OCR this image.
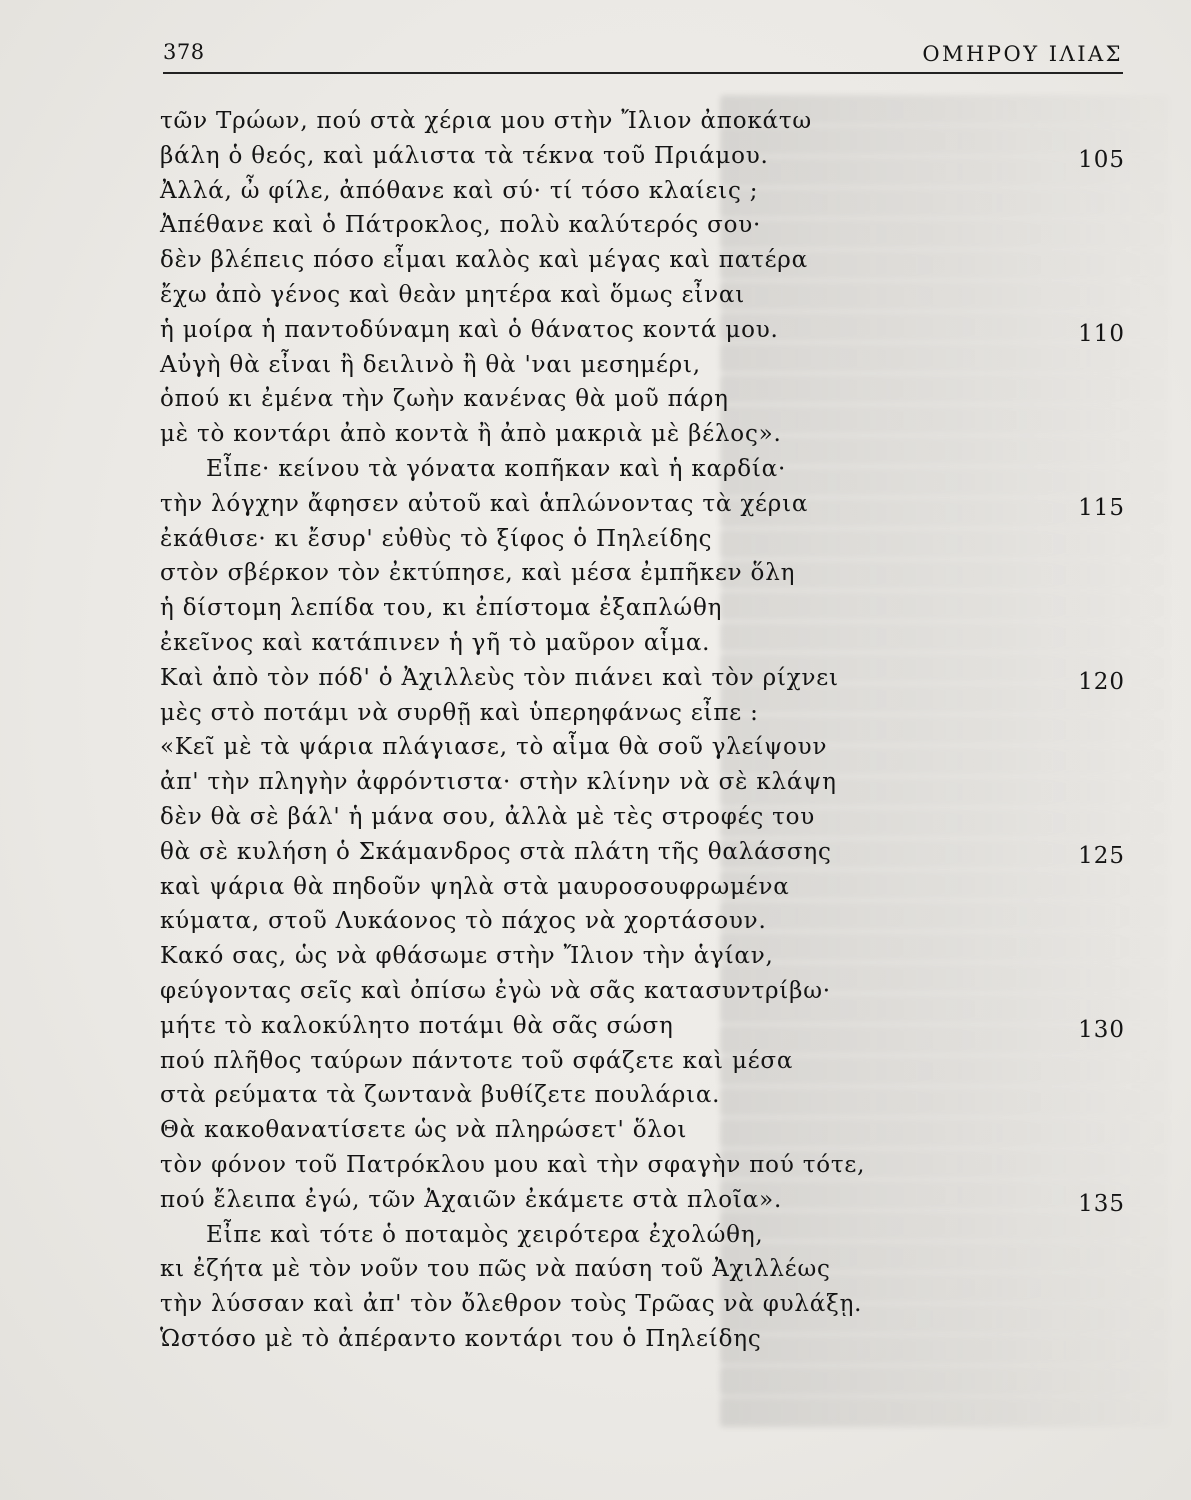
378	ΟΜΗΡΟΥ ΙΛΙΑΣ
τῶν Τρώων, πού στὰ χέρια μου στὴν Ἴλιον ἀποκάτω
βάλη ὁ θεός, καὶ μάλιστα τὰ τέκνα τοῦ Πριάμου.	105
Ἀλλά, ὦ φίλε, ἀπόθανε καὶ σύ· τί τόσο κλαίεις ;
Ἀπέθανε καὶ ὁ Πάτροκλος, πολὺ καλύτερός σου·
δὲν βλέπεις πόσο εἶμαι καλὸς καὶ μέγας καὶ πατέρα
ἔχω ἀπὸ γένος καὶ θεὰν μητέρα καὶ ὅμως εἶναι
ἡ μοίρα ἡ παντοδύναμη καὶ ὁ θάνατος κοντά μου.	110
Αὐγὴ θὰ εἶναι ἢ δειλινὸ ἢ θὰ 'ναι μεσημέρι,
ὁπού κι ἐμένα τὴν ζωὴν κανένας θὰ μοῦ πάρη
μὲ τὸ κοντάρι ἀπὸ κοντὰ ἢ ἀπὸ μακριὰ μὲ βέλος».
Εἶπε· κείνου τὰ γόνατα κοπῆκαν καὶ ἡ καρδία·
τὴν λόγχην ἄφησεν αὐτοῦ καὶ ἁπλώνοντας τὰ χέρια	115
ἐκάθισε· κι ἔσυρ' εὐθὺς τὸ ξίφος ὁ Πηλείδης
στὸν σβέρκον τὸν ἐκτύπησε, καὶ μέσα ἐμπῆκεν ὅλη
ἡ δίστομη λεπίδα του, κι ἐπίστομα ἐξαπλώθη
ἐκεῖνος καὶ κατάπινεν ἡ γῆ τὸ μαῦρον αἷμα.
Καὶ ἀπὸ τὸν πόδ' ὁ Ἀχιλλεὺς τὸν πιάνει καὶ τὸν ρίχνει	120
μὲς στὸ ποτάμι νὰ συρθῇ καὶ ὑπερηφάνως εἶπε :
«Κεῖ μὲ τὰ ψάρια πλάγιασε, τὸ αἷμα θὰ σοῦ γλείψουν
ἀπ' τὴν πληγὴν ἀφρόντιστα· στὴν κλίνην νὰ σὲ κλάψη
δὲν θὰ σὲ βάλ' ἡ μάνα σου, ἀλλὰ μὲ τὲς στροφές του
θὰ σὲ κυλήση ὁ Σκάμανδρος στὰ πλάτη τῆς θαλάσσης	125
καὶ ψάρια θὰ πηδοῦν ψηλὰ στὰ μαυροσουφρωμένα
κύματα, στοῦ Λυκάονος τὸ πάχος νὰ χορτάσουν.
Κακό σας, ὡς νὰ φθάσωμε στὴν Ἴλιον τὴν ἁγίαν,
φεύγοντας σεῖς καὶ ὀπίσω ἐγὼ νὰ σᾶς κατασυντρίβω·
μήτε τὸ καλοκύλητο ποτάμι θὰ σᾶς σώση	130
πού πλῆθος ταύρων πάντοτε τοῦ σφάζετε καὶ μέσα
στὰ ρεύματα τὰ ζωντανὰ βυθίζετε πουλάρια.
Θὰ κακοθανατίσετε ὡς νὰ πληρώσετ' ὅλοι
τὸν φόνον τοῦ Πατρόκλου μου καὶ τὴν σφαγὴν πού τότε,
πού ἔλειπα ἐγώ, τῶν Ἀχαιῶν ἐκάμετε στὰ πλοῖα».	135
Εἶπε καὶ τότε ὁ ποταμὸς χειρότερα ἐχολώθη,
κι ἐζήτα μὲ τὸν νοῦν του πῶς νὰ παύση τοῦ Ἀχιλλέως
τὴν λύσσαν καὶ ἀπ' τὸν ὄλεθρον τοὺς Τρῶας νὰ φυλάξῃ.
Ὡστόσο μὲ τὸ ἀπέραντο κοντάρι του ὁ Πηλείδης
